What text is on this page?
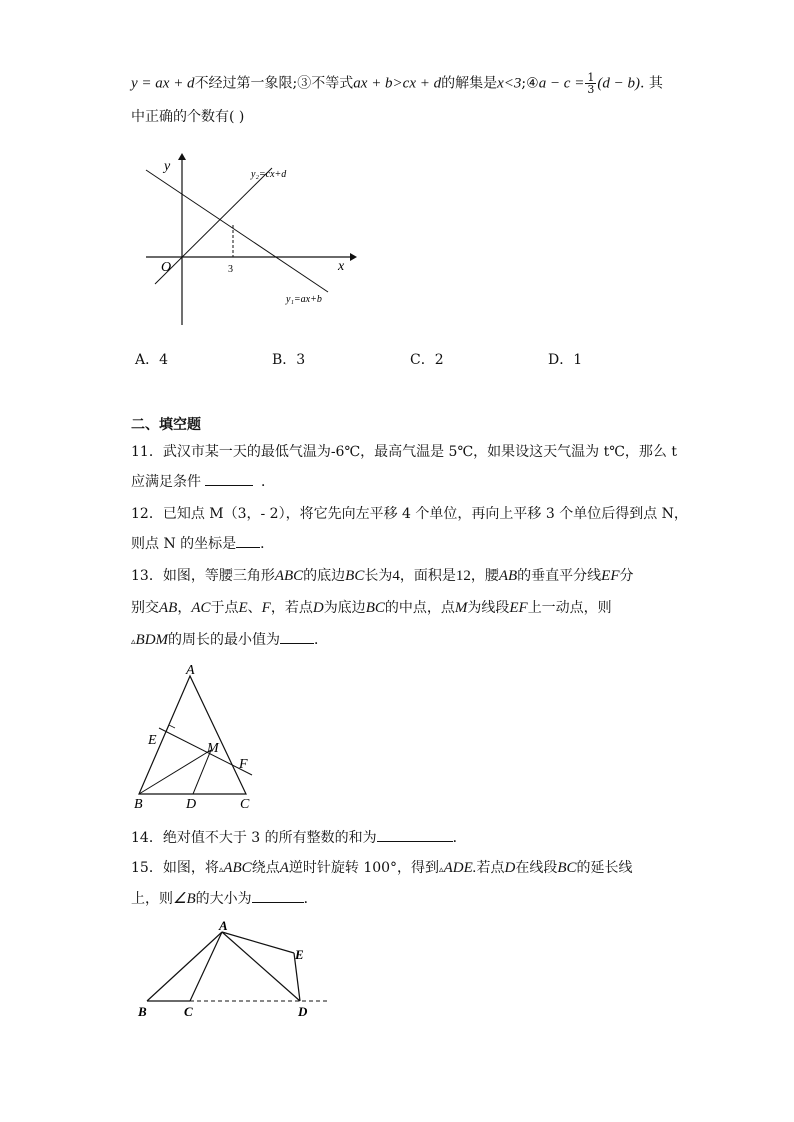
y = ax + d不经过第一象限;③不等式ax + b>cx + d的解集是x<3;④a − $c = \frac{1}{3} (d - b)$. 其
中正确的个数有( )
y
x
O	3
y₂=cx+d
y₁=ax+b
A．4	B．3	C．2	D．1
二、填空题
11．武汉市某一天的最低气温为-6℃，最高气温是 5℃，如果设这天气温为 t℃，那么 t
应满足条件	．
12．已知点 M（3，- 2），将它先向左平移 4 个单位，再向上平移 3 个单位后得到点 N，
则点 N 的坐标是 ．
13．如图，等腰三角形ABC的底边BC长为4，面积是12，腰AB的垂直平分线EF分
别交AB，AC于点E、F，若点D为底边BC的中点，点M为线段EF上一动点，则
▵BDM的周长的最小值为 ．
A
B	C
D
E
F
M
14．绝对值不大于 3 的所有整数的和为	．
15．如图，将▵ABC绕点A逆时针旋转 100°，得到▵ADE.若点D在线段BC的延长线
上，则∠B的大小为	．
A
B	C	D
E
